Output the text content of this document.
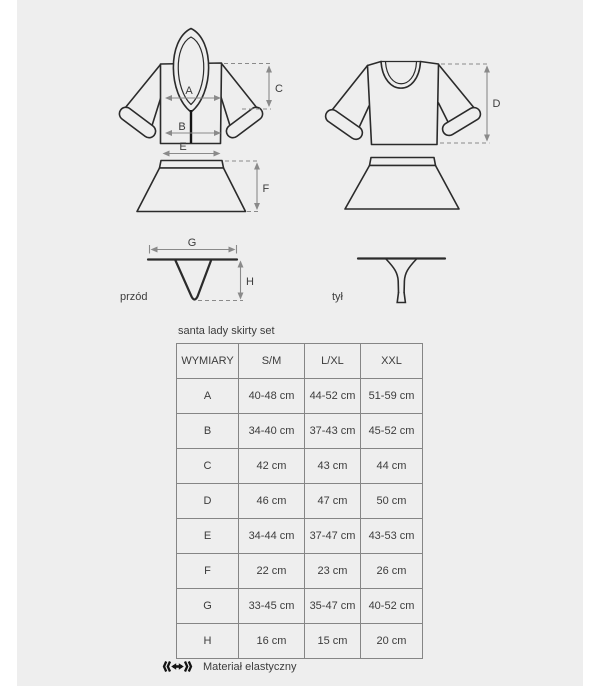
A
B
C
D
E
F
G
H
przód	tył
santa lady skirty set
WYMIARY	S/M	L/XL	XXL
A	40-48 cm	44-52 cm	51-59 cm
B	34-40 cm	37-43 cm	45-52 cm
C	42 cm	43 cm	44 cm
D	46 cm	47 cm	50 cm
E	34-44 cm	37-47 cm	43-53 cm
F	22 cm	23 cm	26 cm
G	33-45 cm	35-47 cm	40-52 cm
H	16 cm	15 cm	20 cm
Materiał elastyczny
